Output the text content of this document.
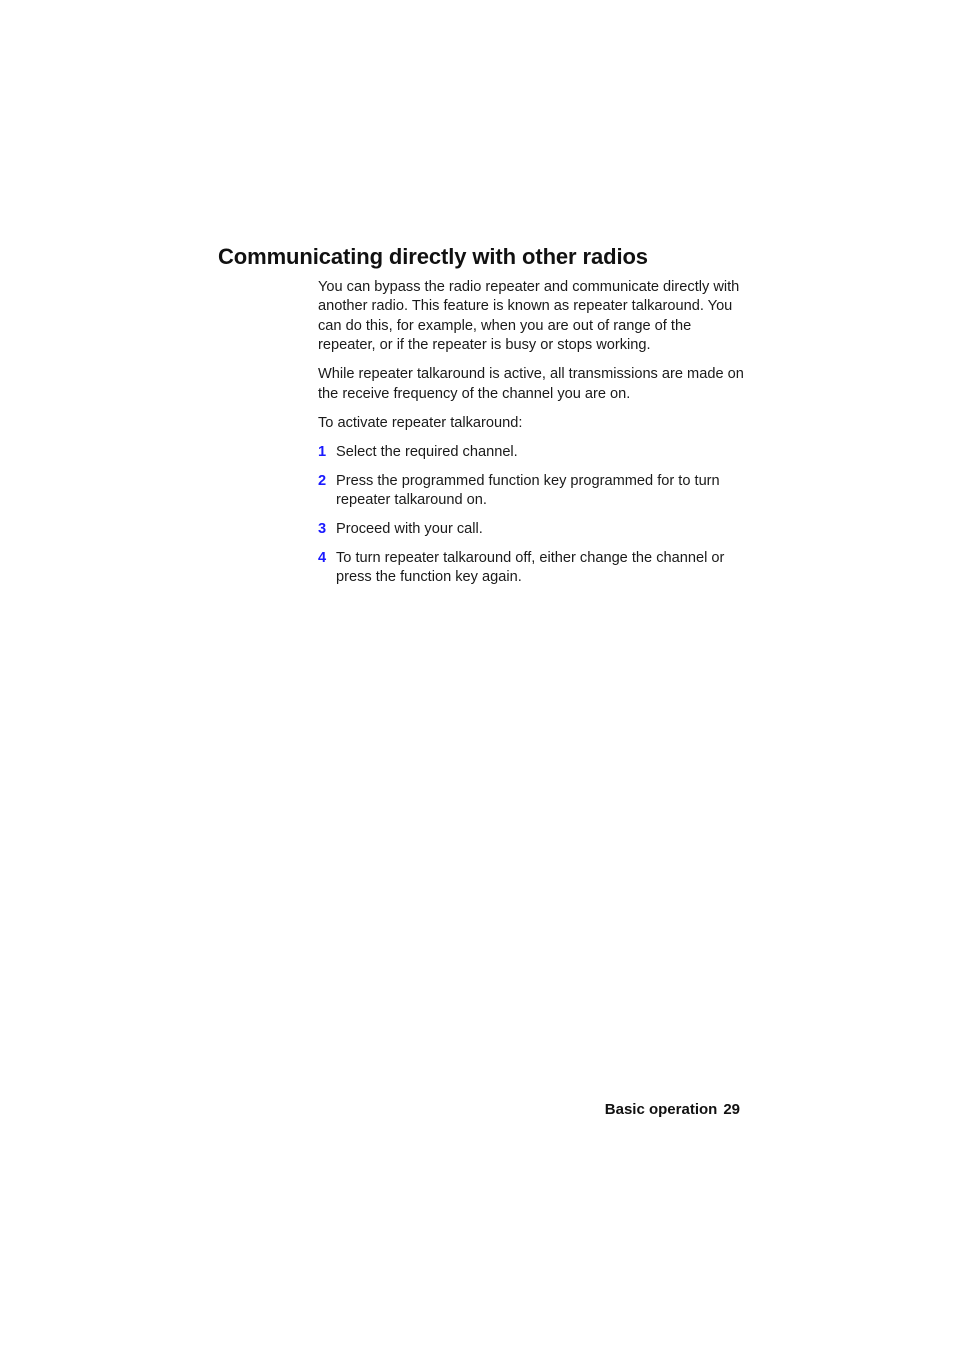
Communicating directly with other radios

You can bypass the radio repeater and communicate directly with another radio. This feature is known as repeater talkaround. You can do this, for example, when you are out of range of the repeater, or if the repeater is busy or stops working.

While repeater talkaround is active, all transmissions are made on the receive frequency of the channel you are on.

To activate repeater talkaround:

1 Select the required channel.
2 Press the programmed function key programmed for to turn repeater talkaround on.
3 Proceed with your call.
4 To turn repeater talkaround off, either change the channel or press the function key again.
Basic operation 29
